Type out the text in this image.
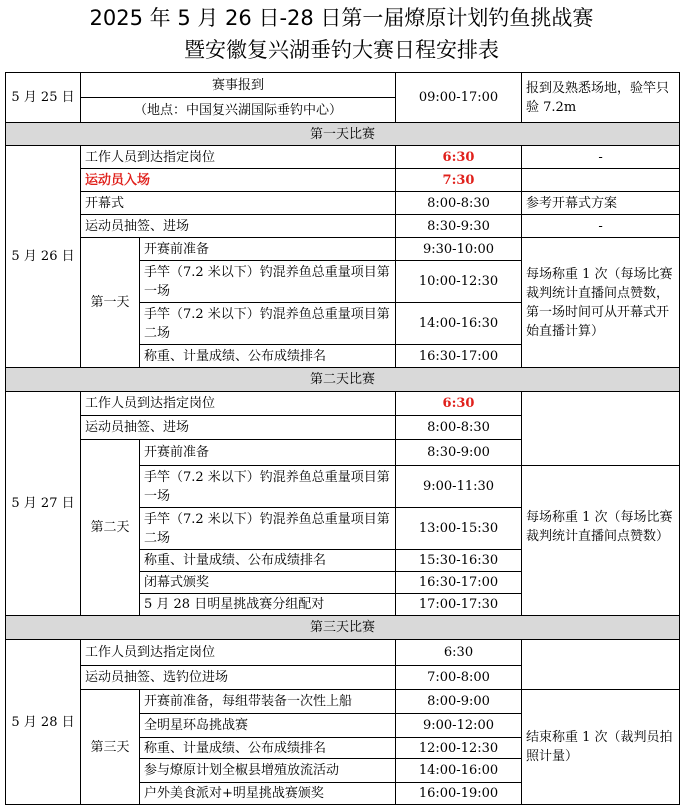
2025 年 5 月 26 日-28 日第一届燎原计划钓鱼挑战赛
暨安徽复兴湖垂钓大赛日程安排表
5 月 25 日	赛事报到		09:00-17:00	报到及熟悉场地，验竿只验 7.2m
	（地点：中国复兴湖国际垂钓中心）			
第一天比赛				
5 月 26 日	工作人员到达指定岗位		6:30	-
	运动员入场		7:30	
	开幕式		8:00-8:30	参考开幕式方案
	运动员抽签、进场		8:30-9:30	-
	第一天	开赛前准备	9:30-10:00	每场称重 1 次（每场比赛裁判统计直播间点赞数，第一场时间可从开幕式开始直播计算）
		手竿（7.2 米以下）钓混养鱼总重量项目第一场	10:00-12:30	
		手竿（7.2 米以下）钓混养鱼总重量项目第二场	14:00-16:30	
		称重、计量成绩、公布成绩排名	16:30-17:00	
第二天比赛				
5 月 27 日	工作人员到达指定岗位		6:30	
	运动员抽签、进场		8:00-8:30	
	第二天	开赛前准备	8:30-9:00	
		手竿（7.2 米以下）钓混养鱼总重量项目第一场	9:00-11:30	每场称重 1 次（每场比赛裁判统计直播间点赞数）
		手竿（7.2 米以下）钓混养鱼总重量项目第二场	13:00-15:30	
		称重、计量成绩、公布成绩排名	15:30-16:30	
		闭幕式颁奖	16:30-17:00	
		5 月 28 日明星挑战赛分组配对	17:00-17:30	
第三天比赛				
5 月 28 日	工作人员到达指定岗位		6:30	
	运动员抽签、选钓位进场		7:00-8:00	
	第三天	开赛前准备，每组带装备一次性上船	8:00-9:00	结束称重 1 次（裁判员拍照计量）
		全明星环岛挑战赛	9:00-12:00	
		称重、计量成绩、公布成绩排名	12:00-12:30	
		参与燎原计划全椒县增殖放流活动	14:00-16:00	
		户外美食派对+明星挑战赛颁奖	16:00-19:00	
